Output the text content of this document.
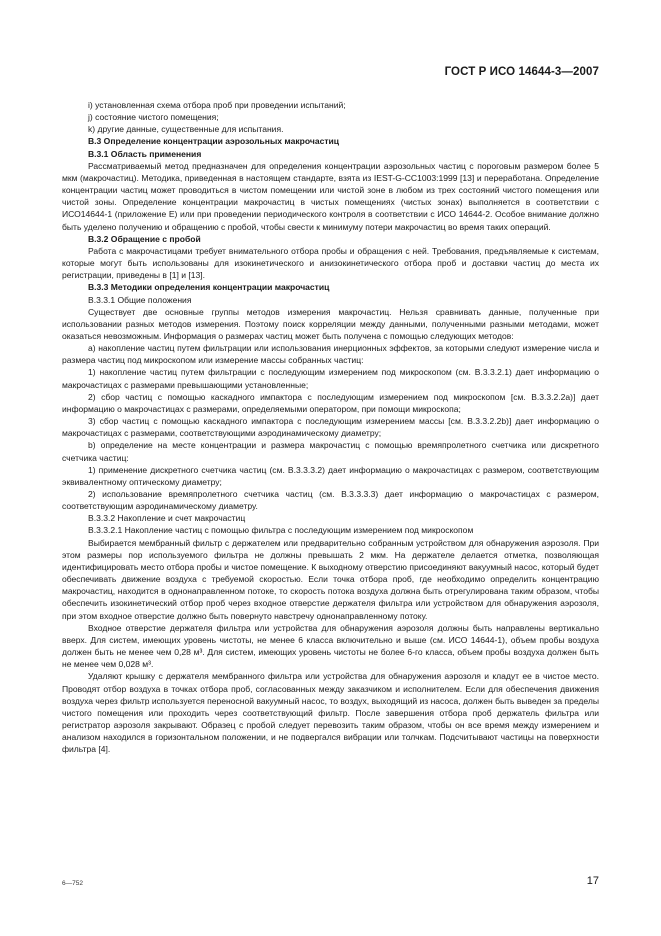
ГОСТ Р ИСО 14644-3—2007

i) установленная схема отбора проб при проведении испытаний;

j) состояние чистого помещения;

k) другие данные, существенные для испытания.

В.3 Определение концентрации аэрозольных макрочастиц

В.3.1 Область применения

Рассматриваемый метод предназначен для определения концентрации аэрозольных частиц с пороговым размером более 5 мкм (макрочастиц). Методика, приведенная в настоящем стандарте, взята из IEST-G-CC1003:1999 [13] и переработана. Определение концентрации частиц может проводиться в чистом помещении или чистой зоне в любом из трех состояний чистого помещения или чистой зоны. Определение концентрации макрочастиц в чистых помещениях (чистых зонах) выполняется в соответствии с ИСО14644-1 (приложение Е) или при проведении периодического контроля в соответствии с ИСО 14644-2. Особое внимание должно быть уделено получению и обращению с пробой, чтобы свести к минимуму потери макрочастиц во время таких операций.

В.3.2 Обращение с пробой

Работа с макрочастицами требует внимательного отбора пробы и обращения с ней. Требования, предъявляемые к системам, которые могут быть использованы для изокинетического и анизокинетического отбора проб и доставки частиц до места их регистрации, приведены в [1] и [13].

В.3.3 Методики определения концентрации макрочастиц

В.3.3.1 Общие положения

Существует две основные группы методов измерения макрочастиц. Нельзя сравнивать данные, полученные при использовании разных методов измерения. Поэтому поиск корреляции между данными, полученными разными методами, может оказаться невозможным. Информация о размерах частиц может быть получена с помощью следующих методов:

а) накопление частиц путем фильтрации или использования инерционных эффектов, за которыми следуют измерение числа и размера частиц под микроскопом или измерение массы собранных частиц:

1) накопление частиц путем фильтрации с последующим измерением под микроскопом (см. В.3.3.2.1) дает информацию о макрочастицах с размерами превышающими установленные;

2) сбор частиц с помощью каскадного импактора с последующим измерением под микроскопом [см. В.3.3.2.2a)] дает информацию о макрочастицах с размерами, определяемыми оператором, при помощи микроскопа;

3) сбор частиц с помощью каскадного импактора с последующим измерением массы [см. В.3.3.2.2b)] дает информацию о макрочастицах с размерами, соответствующими аэродинамическому диаметру;

b) определение на месте концентрации и размера макрочастиц с помощью времяпролетного счетчика или дискретного счетчика частиц:

1) применение дискретного счетчика частиц (см. В.3.3.3.2) дает информацию о макрочастицах с размером, соответствующим эквивалентному оптическому диаметру;

2) использование времяпролетного счетчика частиц (см. В.3.3.3.3) дает информацию о макрочастицах с размером, соответствующим аэродинамическому диаметру.

В.3.3.2 Накопление и счет макрочастиц

В.3.3.2.1 Накопление частиц с помощью фильтра с последующим измерением под микроскопом

Выбирается мембранный фильтр с держателем или предварительно собранным устройством для обнаружения аэрозоля. При этом размеры пор используемого фильтра не должны превышать 2 мкм. На держателе делается отметка, позволяющая идентифицировать место отбора пробы и чистое помещение. К выходному отверстию присоединяют вакуумный насос, который будет обеспечивать движение воздуха с требуемой скоростью. Если точка отбора проб, где необходимо определить концентрацию макрочастиц, находится в однонаправленном потоке, то скорость потока воздуха должна быть отрегулирована таким образом, чтобы обеспечить изокинетический отбор проб через входное отверстие держателя фильтра или устройством для обнаружения аэрозоля, при этом входное отверстие должно быть повернуто навстречу однонаправленному потоку.

Входное отверстие держателя фильтра или устройства для обнаружения аэрозоля должны быть направлены вертикально вверх. Для систем, имеющих уровень чистоты, не менее 6 класса включительно и выше (см. ИСО 14644-1), объем пробы воздуха должен быть не менее чем 0,28 м³. Для систем, имеющих уровень чистоты не более 6-го класса, объем пробы воздуха должен быть не менее чем 0,028 м³.

Удаляют крышку с держателя мембранного фильтра или устройства для обнаружения аэрозоля и кладут ее в чистое место. Проводят отбор воздуха в точках отбора проб, согласованных между заказчиком и исполнителем. Если для обеспечения движения воздуха через фильтр используется переносной вакуумный насос, то воздух, выходящий из насоса, должен быть выведен за пределы чистого помещения или проходить через соответствующий фильтр. После завершения отбора проб держатель фильтра или регистратор аэрозоля закрывают. Образец с пробой следует перевозить таким образом, чтобы он все время между измерением и анализом находился в горизонтальном положении, и не подвергался вибрации или толчкам. Подсчитывают частицы на поверхности фильтра [4].

6—752	17
